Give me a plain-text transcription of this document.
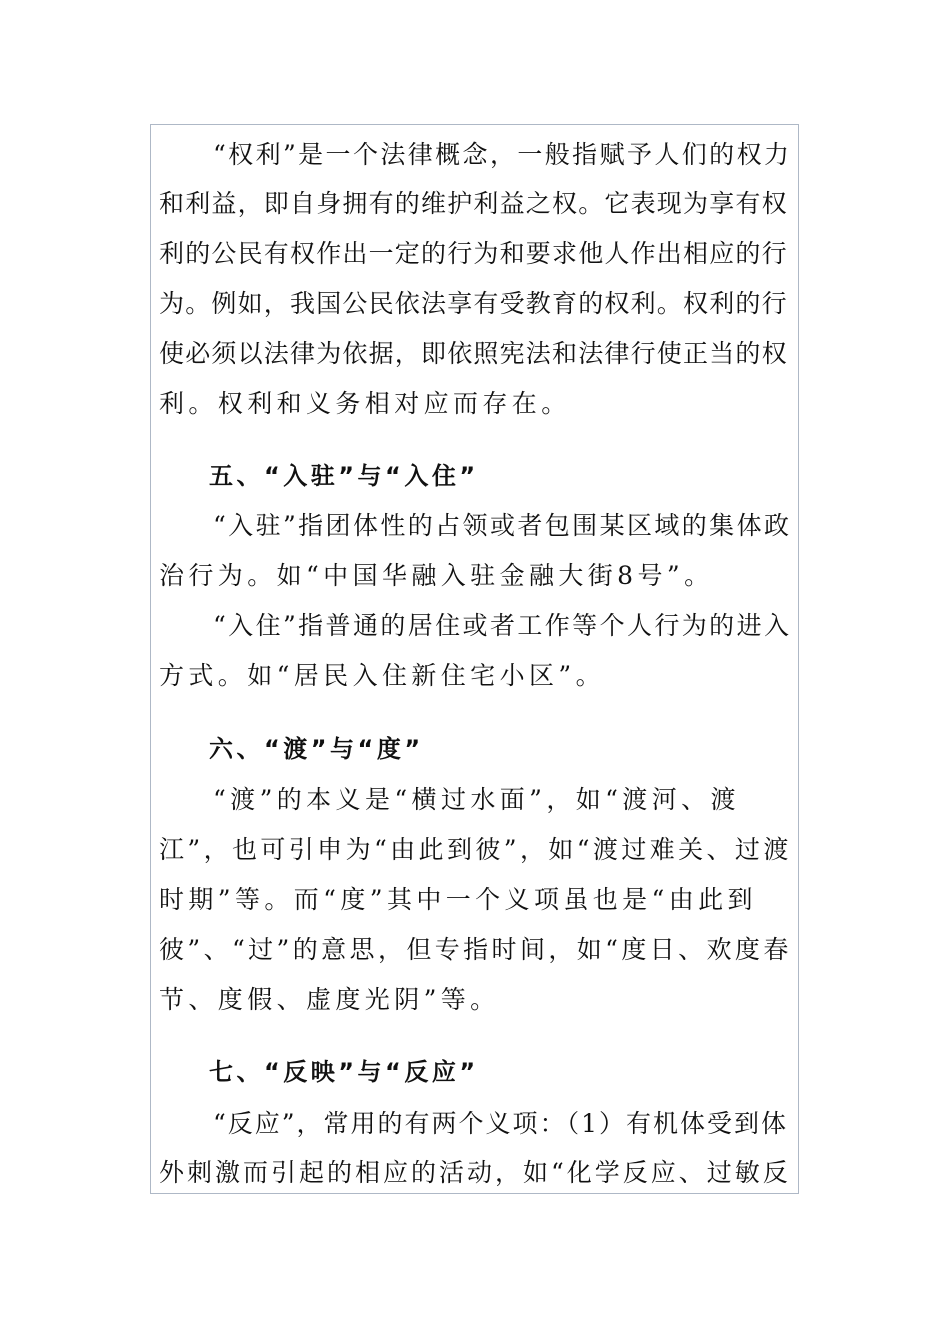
“权利”是一个法律概念，一般指赋予人们的权力
和利益，即自身拥有的维护利益之权。它表现为享有权
利的公民有权作出一定的行为和要求他人作出相应的行
为。例如，我国公民依法享有受教育的权利。权利的行
使必须以法律为依据，即依照宪法和法律行使正当的权
利。权利和义务相对应而存在。
五、“入驻”与“入住”
“入驻”指团体性的占领或者包围某区域的集体政
治行为。如“中国华融入驻金融大街8号”。
“入住”指普通的居住或者工作等个人行为的进入
方式。如“居民入住新住宅小区”。
六、“渡”与“度”
“渡”的本义是“横过水面”，如“渡河、渡
江”，也可引申为“由此到彼”，如“渡过难关、过渡
时期”等。而“度”其中一个义项虽也是“由此到
彼”、“过”的意思，但专指时间，如“度日、欢度春
节、度假、虚度光阴”等。
七、“反映”与“反应”
“反应”，常用的有两个义项：（1）有机体受到体
外刺激而引起的相应的活动，如“化学反应、过敏反
